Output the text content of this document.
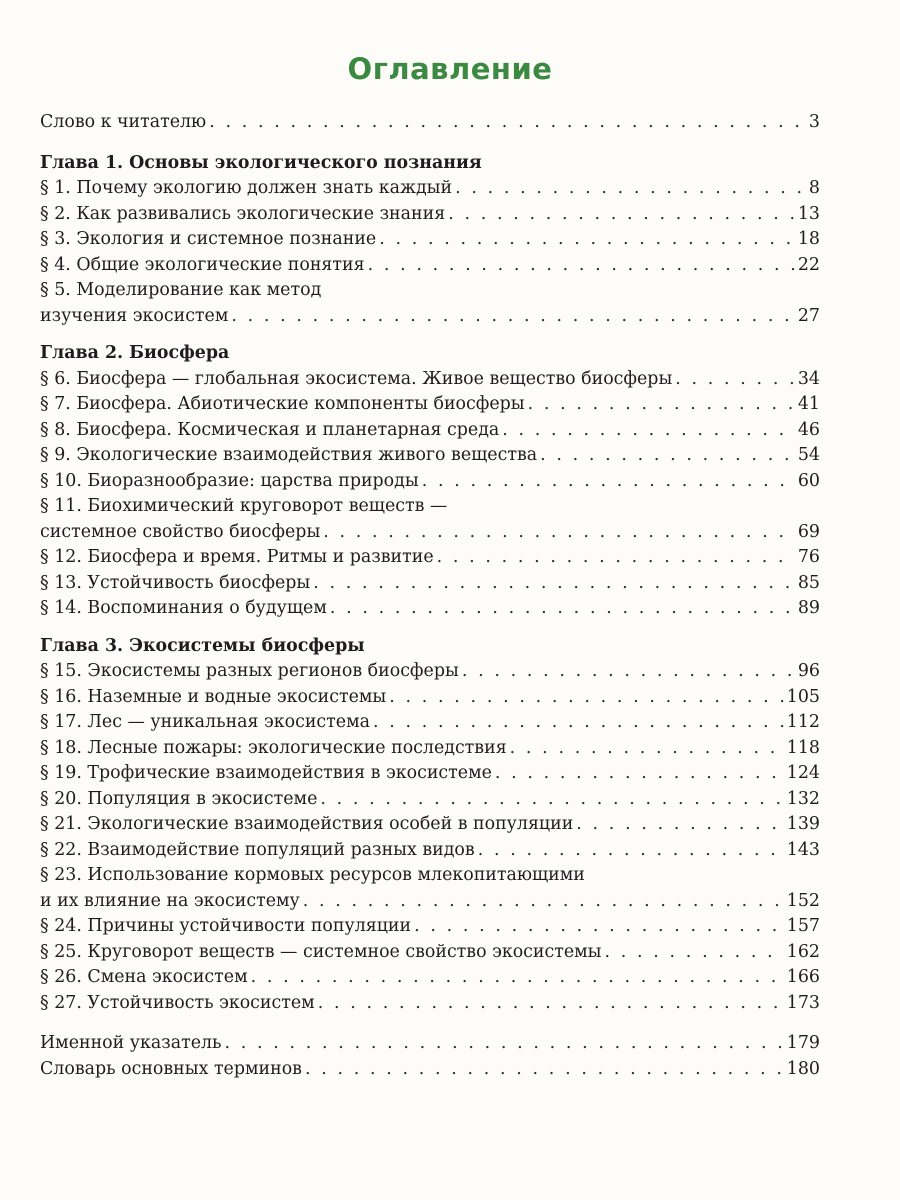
Оглавление
Слово к читателю . . .	3
Глава 1. Основы экологического познания
§ 1. Почему экологию должен знать каждый . . .	8
§ 2. Как развивались экологические знания . . .	13
§ 3. Экология и системное познание . . .	18
§ 4. Общие экологические понятия . . .	22
§ 5. Моделирование как метод
изучения экосистем . . .	27
Глава 2. Биосфера
§ 6. Биосфера — глобальная экосистема. Живое вещество биосферы . . .	34
§ 7. Биосфера. Абиотические компоненты биосферы . . .	41
§ 8. Биосфера. Космическая и планетарная среда . . .	46
§ 9. Экологические взаимодействия живого вещества . . .	54
§ 10. Биоразнообразие: царства природы . . .	60
§ 11. Биохимический круговорот веществ —
системное свойство биосферы . . .	69
§ 12. Биосфера и время. Ритмы и развитие . . .	76
§ 13. Устойчивость биосферы . . .	85
§ 14. Воспоминания о будущем . . .	89
Глава 3. Экосистемы биосферы
§ 15. Экосистемы разных регионов биосферы . . .	96
§ 16. Наземные и водные экосистемы . . .	105
§ 17. Лес — уникальная экосистема . . .	112
§ 18. Лесные пожары: экологические последствия . . .	118
§ 19. Трофические взаимодействия в экосистеме . . .	124
§ 20. Популяция в экосистеме . . .	132
§ 21. Экологические взаимодействия особей в популяции . . .	139
§ 22. Взаимодействие популяций разных видов . . .	143
§ 23. Использование кормовых ресурсов млекопитающими
и их влияние на экосистему . . .	152
§ 24. Причины устойчивости популяции . . .	157
§ 25. Круговорот веществ — системное свойство экосистемы . . .	162
§ 26. Смена экосистем . . .	166
§ 27. Устойчивость экосистем . . .	173
Именной указатель . . .	179
Словарь основных терминов . . .	180
